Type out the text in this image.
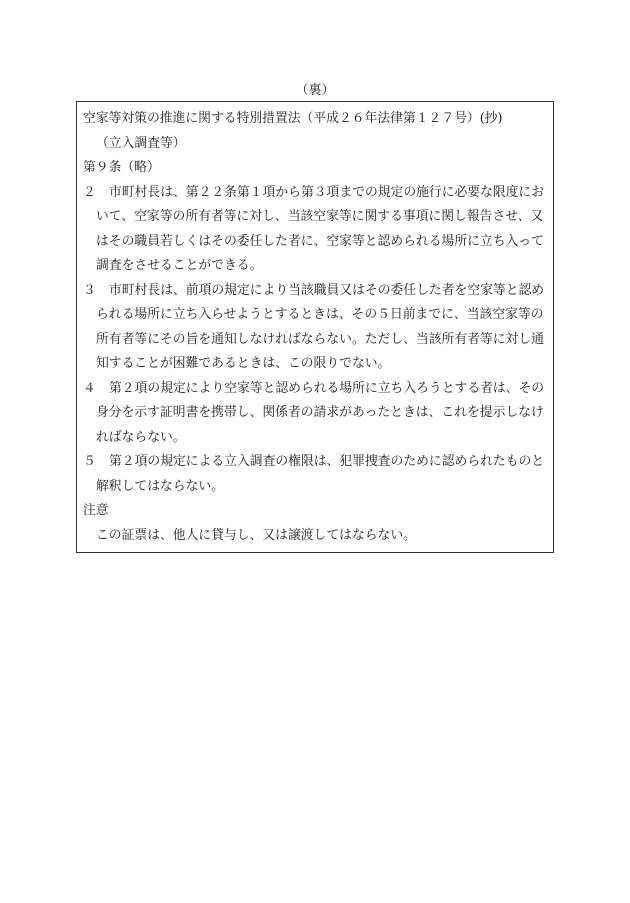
（裏）
空家等対策の推進に関する特別措置法（平成２６年法律第１２７号）(抄)
（立入調査等）
第９条（略）
２ 市町村長は、第２２条第１項から第３項までの規定の施行に必要な限度において、空家等の所有者等に対し、当該空家等に関する事項に関し報告させ、又はその職員若しくはその委任した者に、空家等と認められる場所に立ち入って調査をさせることができる。
３ 市町村長は、前項の規定により当該職員又はその委任した者を空家等と認められる場所に立ち入らせようとするときは、その５日前までに、当該空家等の所有者等にその旨を通知しなければならない。ただし、当該所有者等に対し通知することが困難であるときは、この限りでない。
４ 第２項の規定により空家等と認められる場所に立ち入ろうとする者は、その身分を示す証明書を携帯し、関係者の請求があったときは、これを提示しなければならない。
５ 第２項の規定による立入調査の権限は、犯罪捜査のために認められたものと解釈してはならない。
注意
この証票は、他人に貸与し、又は譲渡してはならない。
